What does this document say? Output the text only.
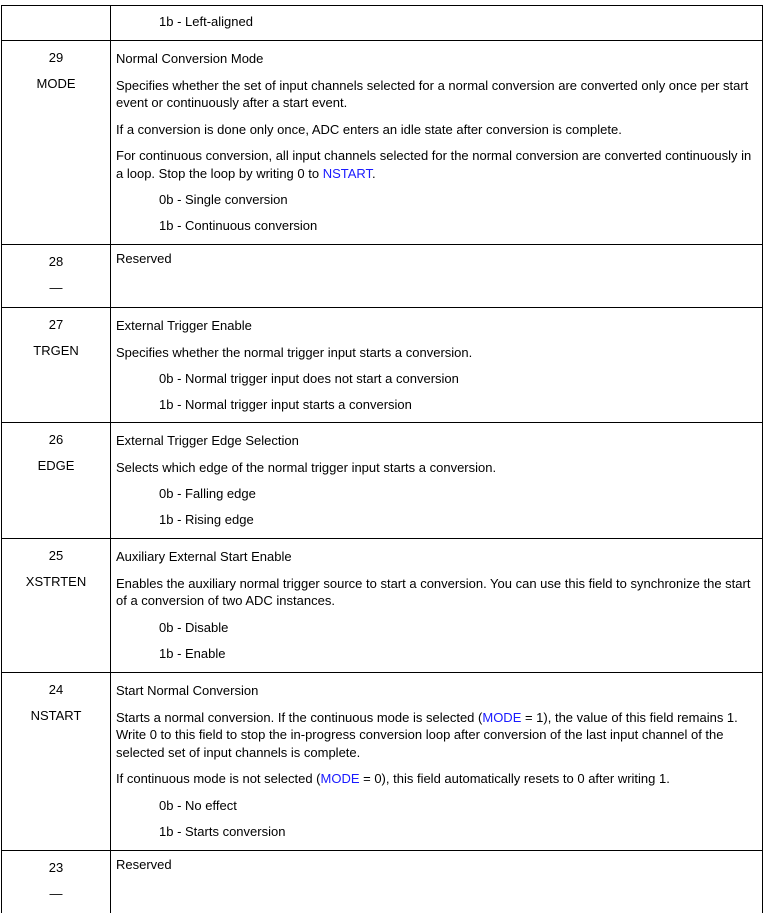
1b - Left-aligned

29
MODE

Normal Conversion Mode

Specifies whether the set of input channels selected for a normal conversion are converted only once per start event or continuously after a start event.

If a conversion is done only once, ADC enters an idle state after conversion is complete.

For continuous conversion, all input channels selected for the normal conversion are converted continuously in a loop. Stop the loop by writing 0 to NSTART.

0b - Single conversion

1b - Continuous conversion

28
—

Reserved

27
TRGEN

External Trigger Enable

Specifies whether the normal trigger input starts a conversion.

0b - Normal trigger input does not start a conversion

1b - Normal trigger input starts a conversion

26
EDGE

External Trigger Edge Selection

Selects which edge of the normal trigger input starts a conversion.

0b - Falling edge

1b - Rising edge

25
XSTRTEN

Auxiliary External Start Enable

Enables the auxiliary normal trigger source to start a conversion. You can use this field to synchronize the start of a conversion of two ADC instances.

0b - Disable

1b - Enable

24
NSTART

Start Normal Conversion

Starts a normal conversion. If the continuous mode is selected (MODE = 1), the value of this field remains 1. Write 0 to this field to stop the in-progress conversion loop after conversion of the last input channel of the selected set of input channels is complete.

If continuous mode is not selected (MODE = 0), this field automatically resets to 0 after writing 1.

0b - No effect

1b - Starts conversion

23
—

Reserved
